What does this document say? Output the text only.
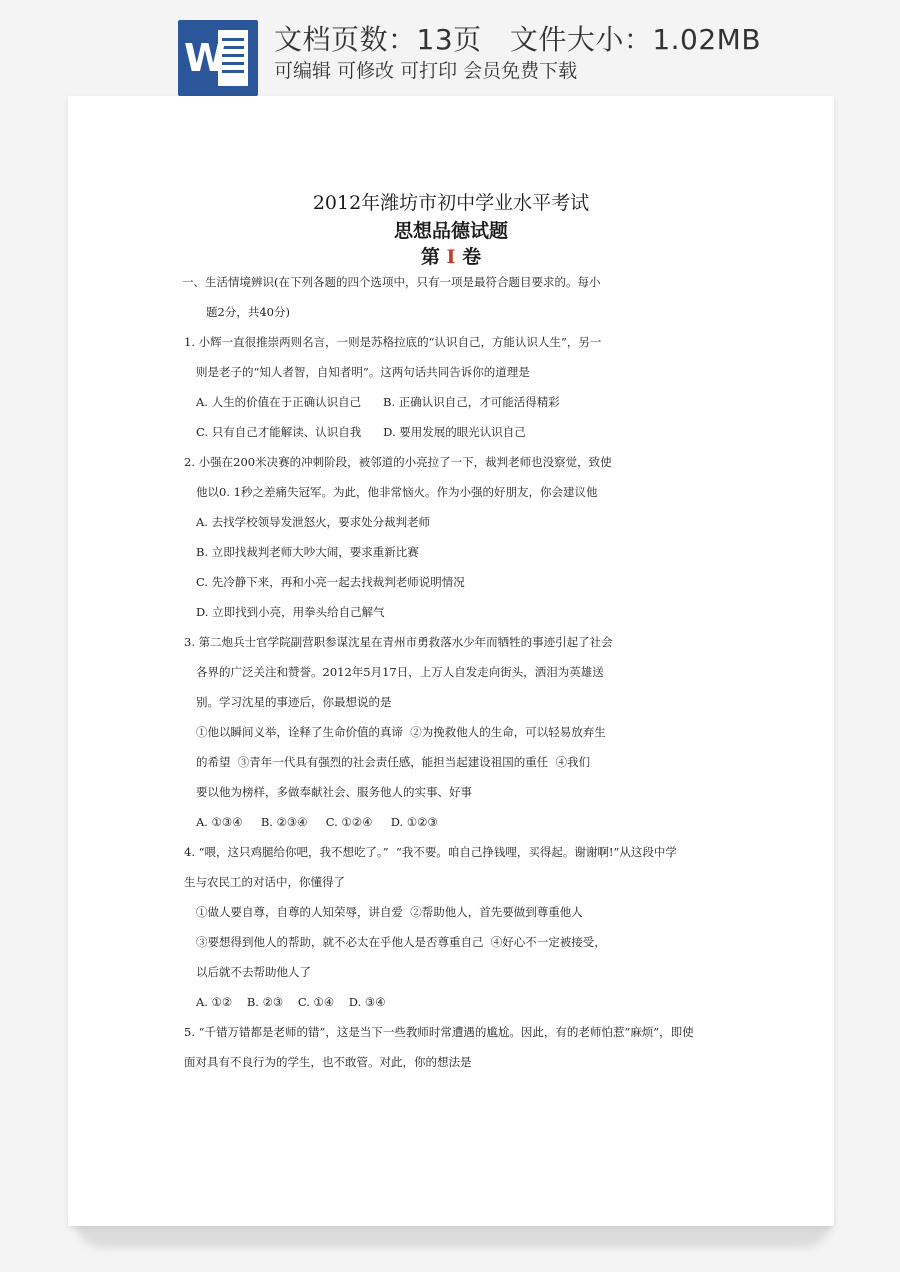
W 文档页数：13页   文件大小：1.02MB
可编辑 可修改 可打印 会员免费下载
2012年潍坊市初中学业水平考试
思想品德试题
第 I 卷
一、生活情境辨识(在下列各题的四个选项中，只有一项是最符合题目要求的。每小
题2分，共40分)
1. 小辉一直很推崇两则名言，一则是苏格拉底的“认识自己，方能认识人生”，另一
则是老子的“知人者智，自知者明”。这两句话共同告诉你的道理是
A. 人生的价值在于正确认识自己      B. 正确认识自己，才可能活得精彩
C. 只有自己才能解读、认识自我      D. 要用发展的眼光认识自己
2. 小强在200米决赛的冲刺阶段，被邻道的小亮拉了一下，裁判老师也没察觉，致使
他以0. 1秒之差痛失冠军。为此，他非常恼火。作为小强的好朋友，你会建议他
A. 去找学校领导发泄怒火，要求处分裁判老师
B. 立即找裁判老师大吵大闹，要求重新比赛
C. 先冷静下来，再和小亮一起去找裁判老师说明情况
D. 立即找到小亮，用拳头给自己解气
3. 第二炮兵士官学院副营职参谋沈星在青州市勇救落水少年而牺牲的事迹引起了社会
各界的广泛关注和赞誉。2012年5月17日，上万人自发走向街头，洒泪为英雄送
别。学习沈星的事迹后，你最想说的是
①他以瞬间义举，诠释了生命价值的真谛  ②为挽救他人的生命，可以轻易放弃生
的希望  ③青年一代具有强烈的社会责任感，能担当起建设祖国的重任  ④我们
要以他为榜样，多做奉献社会、服务他人的实事、好事
A. ①③④     B. ②③④     C. ①②④     D. ①②③
4. “喂，这只鸡腿给你吧，我不想吃了。”  “我不要。咱自己挣钱哩，买得起。谢谢啊!”从这段中学
生与农民工的对话中，你懂得了
①做人要自尊，自尊的人知荣辱，讲自爱  ②帮助他人，首先要做到尊重他人
③要想得到他人的帮助，就不必太在乎他人是否尊重自己  ④好心不一定被接受，
以后就不去帮助他人了
A. ①②    B. ②③    C. ①④    D. ③④
5. “千错万错都是老师的错”，这是当下一些教师时常遭遇的尴尬。因此，有的老师怕惹“麻烦”，即使
面对具有不良行为的学生，也不敢管。对此，你的想法是
